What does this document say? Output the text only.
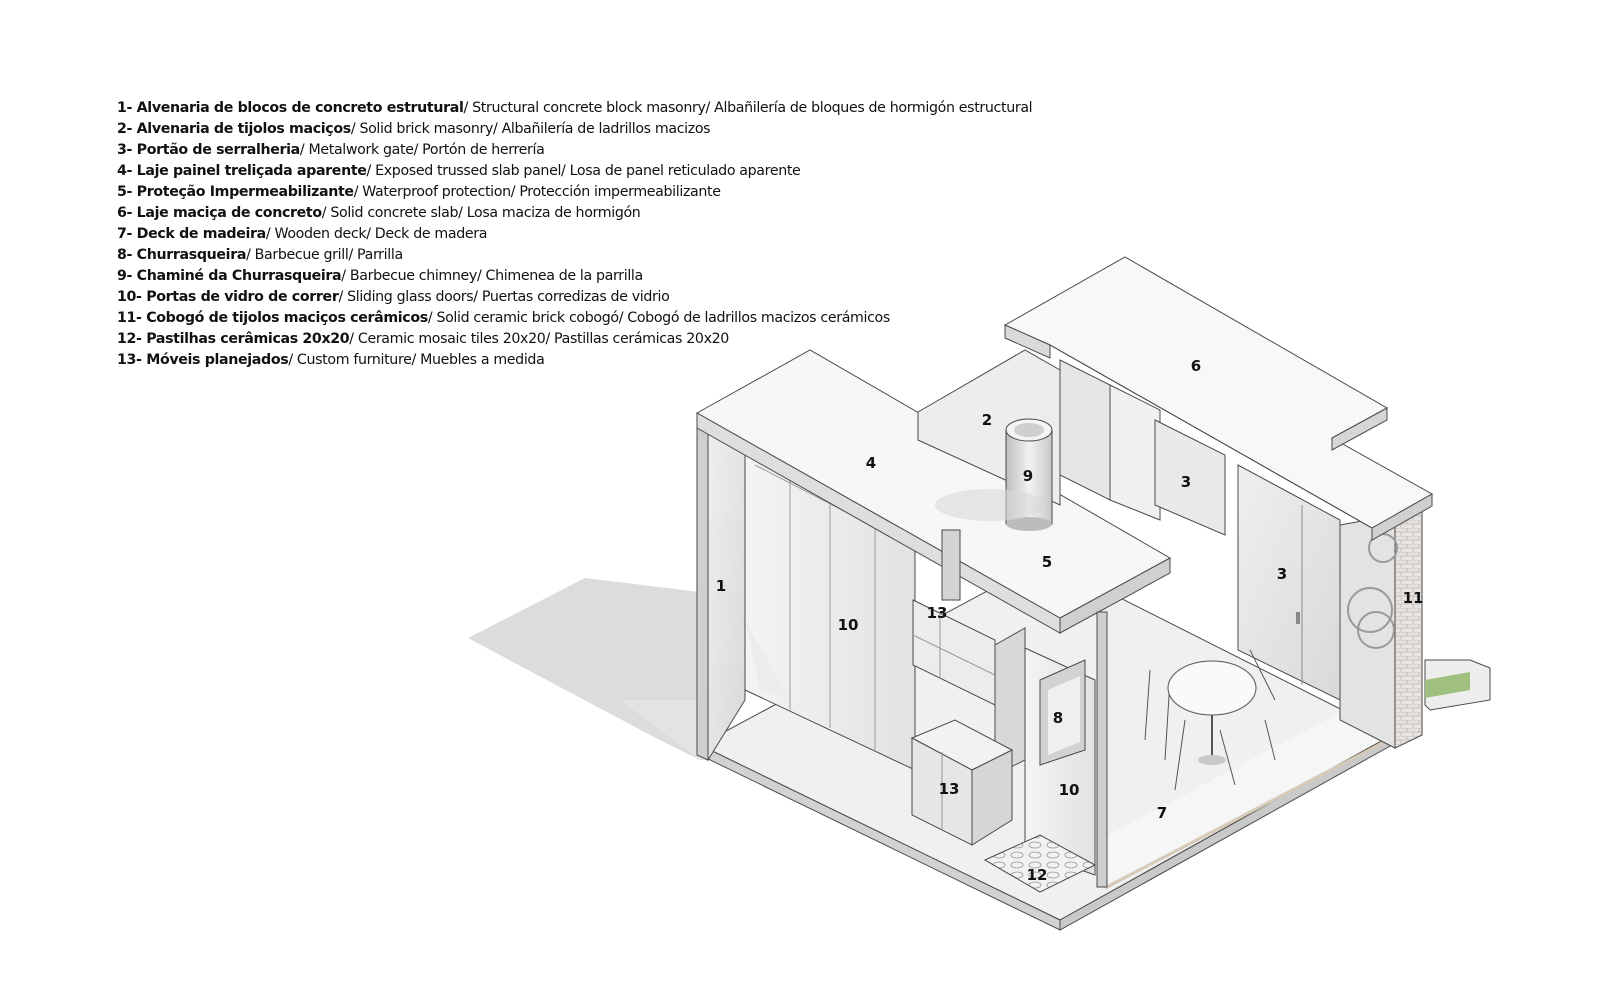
1- Alvenaria de blocos de concreto estrutural/ Structural concrete block masonry/ Albañilería de bloques de hormigón estructural
2- Alvenaria de tijolos maciços/ Solid brick masonry/ Albañilería de ladrillos macizos
3- Portão de serralheria/ Metalwork gate/ Portón de herrería
4- Laje painel treliçada aparente/ Exposed trussed slab panel/ Losa de panel reticulado aparente
5- Proteção Impermeabilizante/ Waterproof protection/ Protección impermeabilizante
6- Laje maciça de concreto/ Solid concrete slab/ Losa maciza de hormigón
7- Deck de madeira/ Wooden deck/ Deck de madera
8- Churrasqueira/ Barbecue grill/ Parrilla
9- Chaminé da Churrasqueira/ Barbecue chimney/ Chimenea de la parrilla
10- Portas de vidro de correr/ Sliding glass doors/ Puertas corredizas de vidrio
11- Cobogó de tijolos maciços cerâmicos/ Solid ceramic brick cobogó/ Cobogó de ladrillos macizos cerámicos
12- Pastilhas cerâmicas 20x20/ Ceramic mosaic tiles 20x20/ Pastillas cerámicas 20x20
13- Móveis planejados/ Custom furniture/ Muebles a medida
1
2
3
3
4
5
6
7
8
9
10
10
11
12
13
13
